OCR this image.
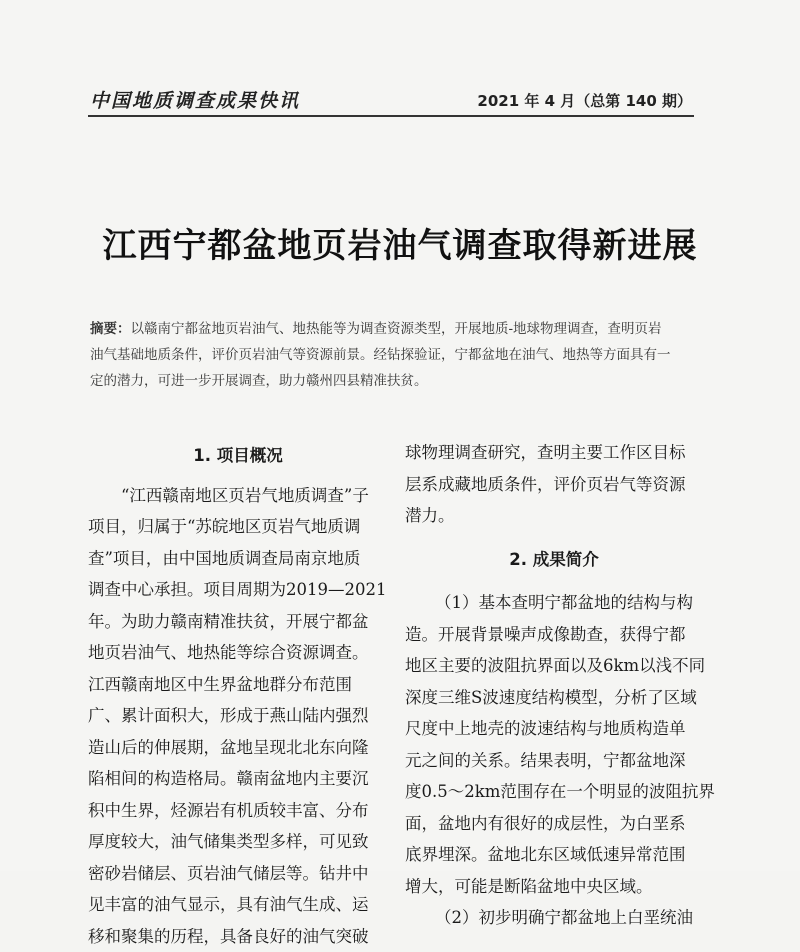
中国地质调查成果快讯	2021 年 4 月（总第 140 期）
江西宁都盆地页岩油气调查取得新进展
摘要：以赣南宁都盆地页岩油气、地热能等为调查资源类型，开展地质-地球物理调查，查明页岩
油气基础地质条件，评价页岩油气等资源前景。经钻探验证，宁都盆地在油气、地热等方面具有一
定的潜力，可进一步开展调查，助力赣州四县精准扶贫。
1. 项目概况
“江西赣南地区页岩气地质调查”子
项目，归属于“苏皖地区页岩气地质调
查”项目，由中国地质调查局南京地质
调查中心承担。项目周期为2019—2021
年。为助力赣南精准扶贫，开展宁都盆
地页岩油气、地热能等综合资源调查。
江西赣南地区中生界盆地群分布范围
广、累计面积大，形成于燕山陆内强烈
造山后的伸展期，盆地呈现北北东向隆
陷相间的构造格局。赣南盆地内主要沉
积中生界，烃源岩有机质较丰富、分布
厚度较大，油气储集类型多样，可见致
密砂岩储层、页岩油气储层等。钻井中
见丰富的油气显示，具有油气生成、运
移和聚集的历程，具备良好的油气突破
球物理调查研究，查明主要工作区目标
层系成藏地质条件，评价页岩气等资源
潜力。
2. 成果简介
（1）基本查明宁都盆地的结构与构
造。开展背景噪声成像勘查，获得宁都
地区主要的波阻抗界面以及6km以浅不同
深度三维S波速度结构模型，分析了区域
尺度中上地壳的波速结构与地质构造单
元之间的关系。结果表明，宁都盆地深
度0.5～2km范围存在一个明显的波阻抗界
面，盆地内有很好的成层性，为白垩系
底界埋深。盆地北东区域低速异常范围
增大，可能是断陷盆地中央区域。
（2）初步明确宁都盆地上白垩统油
